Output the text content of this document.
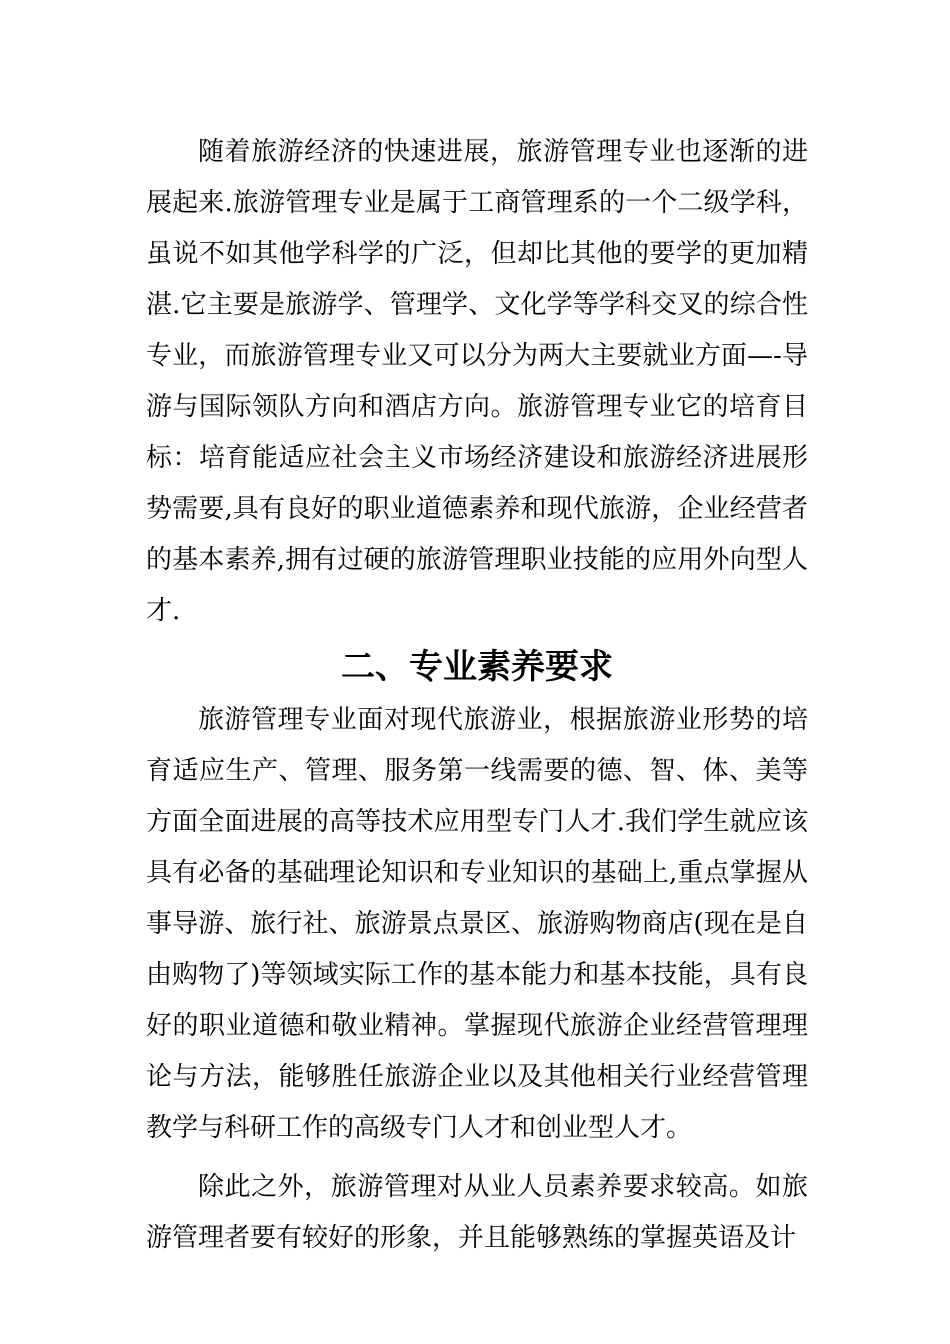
随着旅游经济的快速进展，旅游管理专业也逐渐的进展起来.旅游管理专业是属于工商管理系的一个二级学科，虽说不如其他学科学的广泛，但却比其他的要学的更加精湛.它主要是旅游学、管理学、文化学等学科交叉的综合性专业，而旅游管理专业又可以分为两大主要就业方面—-导游与国际领队方向和酒店方向。旅游管理专业它的培育目标：培育能适应社会主义市场经济建设和旅游经济进展形势需要,具有良好的职业道德素养和现代旅游，企业经营者的基本素养,拥有过硬的旅游管理职业技能的应用外向型人才.

二、专业素养要求

旅游管理专业面对现代旅游业，根据旅游业形势的培育适应生产、管理、服务第一线需要的德、智、体、美等方面全面进展的高等技术应用型专门人才.我们学生就应该具有必备的基础理论知识和专业知识的基础上,重点掌握从事导游、旅行社、旅游景点景区、旅游购物商店(现在是自由购物了)等领域实际工作的基本能力和基本技能，具有良好的职业道德和敬业精神。掌握现代旅游企业经营管理理论与方法，能够胜任旅游企业以及其他相关行业经营管理教学与科研工作的高级专门人才和创业型人才。

除此之外，旅游管理对从业人员素养要求较高。如旅游管理者要有较好的形象，并且能够熟练的掌握英语及计
